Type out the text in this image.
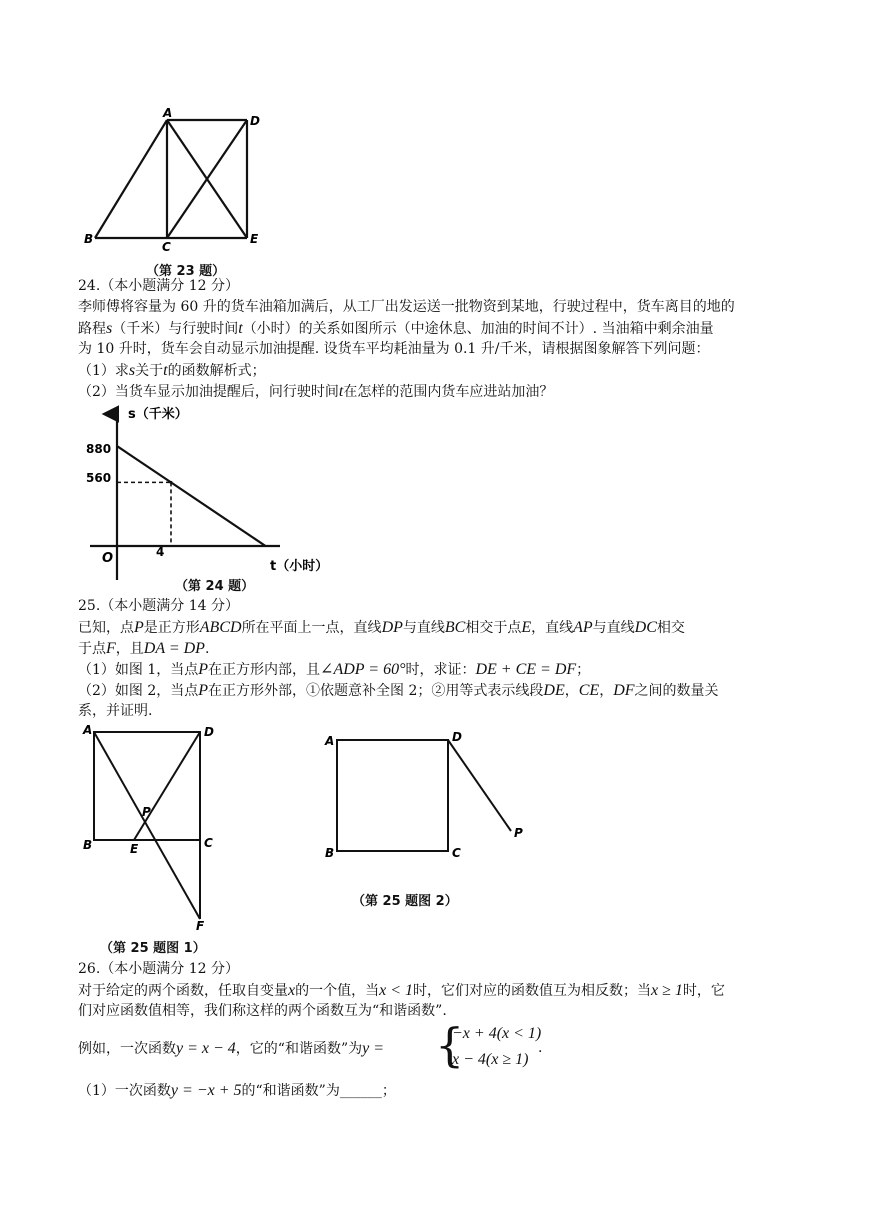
A
D
B
C
E
（第 23 题）
24.（本小题满分 12 分）
李师傅将容量为 60 升的货车油箱加满后，从工厂出发运送一批物资到某地，行驶过程中，货车离目的地的
路程s（千米）与行驶时间t（小时）的关系如图所示（中途休息、加油的时间不计）. 当油箱中剩余油量
为 10 升时，货车会自动显示加油提醒. 设货车平均耗油量为 0.1 升/千米，请根据图象解答下列问题：
（1）求s关于t的函数解析式；
（2）当货车显示加油提醒后，问行驶时间t在怎样的范围内货车应进站加油？
s（千米）
t（小时）
O
880
560
4
（第 24 题）
25.（本小题满分 14 分）
已知，点P是正方形ABCD所在平面上一点，直线DP与直线BC相交于点E，直线AP与直线DC相交
于点F，且DA = DP.
（1）如图 1，当点P在正方形内部，且∠ADP = 60°时，求证：DE + CE = DF；
（2）如图 2，当点P在正方形外部，①依题意补全图 2；②用等式表示线段DE，CE，DF之间的数量关
系，并证明.
A	D
B	E	C
P
F
（第 25 题图 1）
A	D
B	C
P
（第 25 题图 2）
26.（本小题满分 12 分）
对于给定的两个函数，任取自变量x的一个值，当x < 1时，它们对应的函数值互为相反数；当x ≥ 1时，它
们对应函数值相等，我们称这样的两个函数互为“和谐函数”.
例如，一次函数y = x − 4，它的“和谐函数”为y = {
−x + 4(x < 1)
x − 4(x ≥ 1)
.
（1）一次函数y = −x + 5的“和谐函数”为______；
